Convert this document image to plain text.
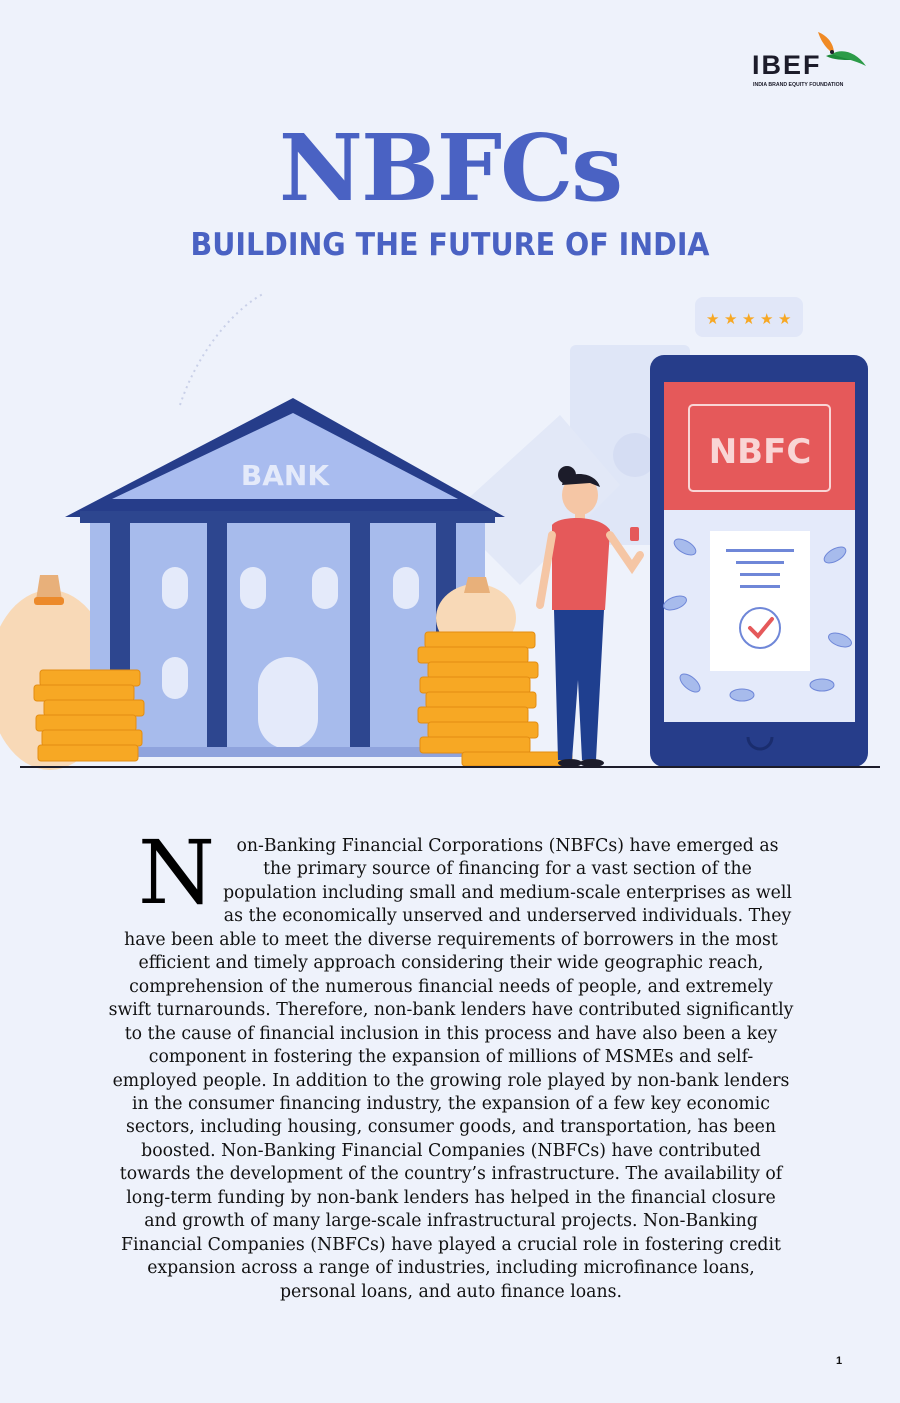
IBEF
INDIA BRAND EQUITY FOUNDATION
NBFCs
BUILDING THE FUTURE OF INDIA
BANK
★ ★ ★ ★ ★
NBFC
N on-Banking Financial Corporations (NBFCs) have emerged as the primary source of financing for a vast section of the population including small and medium-scale enterprises as well as the economically unserved and underserved individuals. They have been able to meet the diverse requirements of borrowers in the most efficient and timely approach considering their wide geographic reach, comprehension of the numerous financial needs of people, and extremely swift turnarounds. Therefore, non-bank lenders have contributed significantly to the cause of financial inclusion in this process and have also been a key component in fostering the expansion of millions of MSMEs and self-employed people. In addition to the growing role played by non-bank lenders in the consumer financing industry, the expansion of a few key economic sectors, including housing, consumer goods, and transportation, has been boosted. Non-Banking Financial Companies (NBFCs) have contributed towards the development of the country’s infrastructure. The availability of long-term funding by non-bank lenders has helped in the financial closure and growth of many large-scale infrastructural projects. Non-Banking Financial Companies (NBFCs) have played a crucial role in fostering credit expansion across a range of industries, including microfinance loans, personal loans, and auto finance loans.
1
